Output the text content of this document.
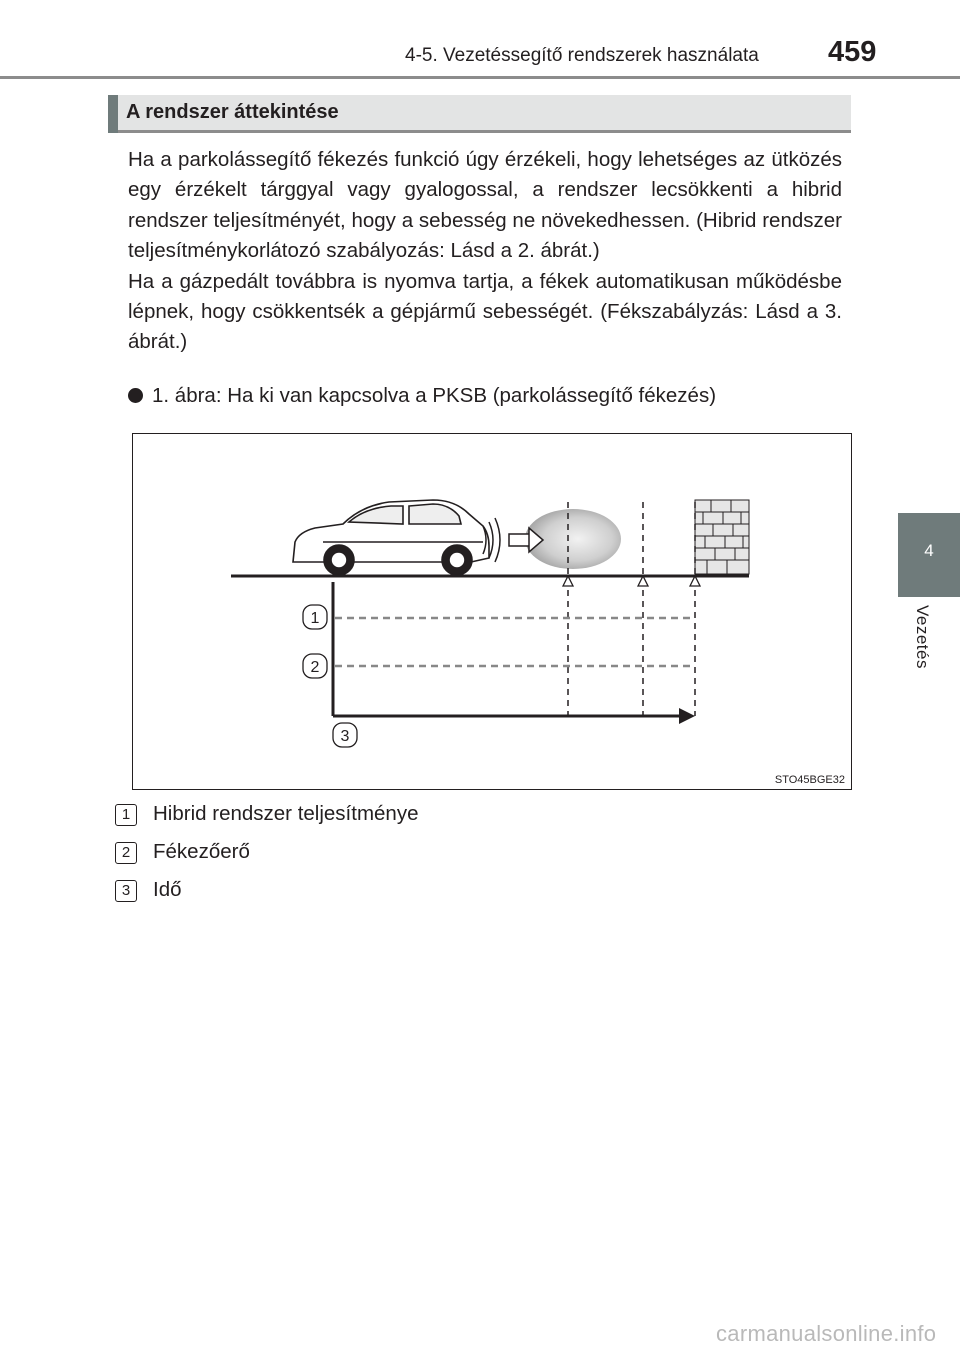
4-5. Vezetéssegítő rendszerek használata 459
4
Vezetés
A rendszer áttekintése

Ha a parkolássegítő fékezés funkció úgy érzékeli, hogy lehetséges az ütközés egy érzékelt tárggyal vagy gyalogossal, a rendszer lecsökkenti a hibrid rendszer teljesítményét, hogy a sebesség ne növekedhessen. (Hibrid rendszer teljesítménykorlátozó szabályozás: Lásd a 2. ábrát.)

Ha a gázpedált továbbra is nyomva tartja, a fékek automatikusan működésbe lépnek, hogy csökkentsék a gépjármű sebességét. (Fékszabályzás: Lásd a 3. ábrát.)

1. ábra: Ha ki van kapcsolva a PKSB (parkolássegítő fékezés)
1
2
3
STO45BGE32
1	Hibrid rendszer teljesítménye
2	Fékezőerő
3	Idő
carmanualsonline.info
